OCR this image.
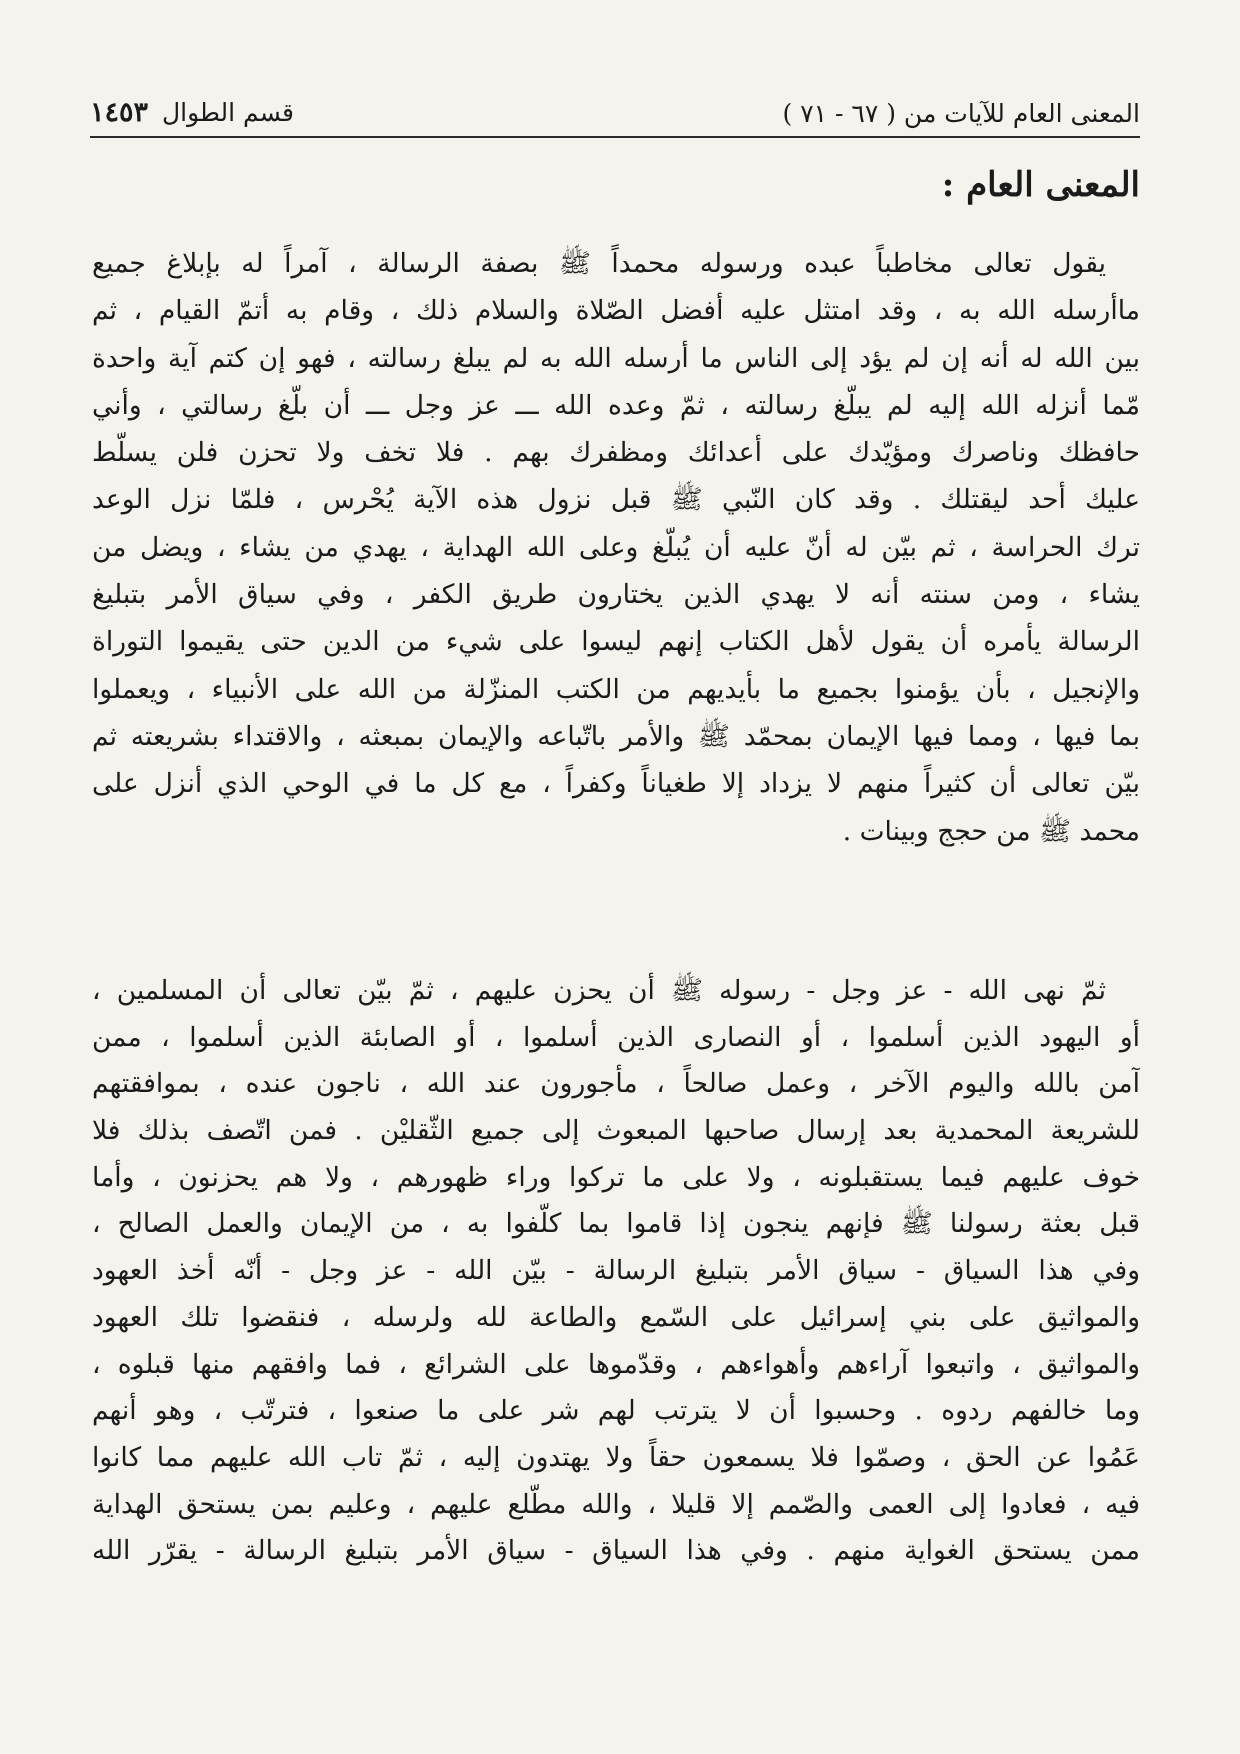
المعنى العام للآيات من ( ٦٧ - ٧١ )
قسم الطوال
١٤٥٣
المعنى العام :
يقول تعالى مخاطباً عبده ورسوله محمداً ﷺ بصفة الرسالة ، آمراً له بإبلاغ جميع
ماأرسله الله به ، وقد امتثل عليه أفضل الصّلاة والسلام ذلك ، وقام به أتمّ القيام ، ثم
بين الله له أنه إن لم يؤد إلى الناس ما أرسله الله به لم يبلغ رسالته ، فهو إن كتم آية واحدة
مّما أنزله الله إليه لم يبلّغ رسالته ، ثمّ وعده الله ـــ عز وجل ـــ أن بلّغ رسالتي ، وأني
حافظك وناصرك ومؤيّدك على أعدائك ومظفرك بهم . فلا تخف ولا تحزن فلن يسلّط
عليك أحد ليقتلك . وقد كان النّبي ﷺ قبل نزول هذه الآية يُحْرس ، فلمّا نزل الوعد
ترك الحراسة ، ثم بيّن له أنّ عليه أن يُبلّغ وعلى الله الهداية ، يهدي من يشاء ، ويضل من
يشاء ، ومن سنته أنه لا يهدي الذين يختارون طريق الكفر ، وفي سياق الأمر بتبليغ
الرسالة يأمره أن يقول لأهل الكتاب إنهم ليسوا على شيء من الدين حتى يقيموا التوراة
والإنجيل ، بأن يؤمنوا بجميع ما بأيديهم من الكتب المنزّلة من الله على الأنبياء ، ويعملوا
بما فيها ، ومما فيها الإيمان بمحمّد ﷺ والأمر باتّباعه والإيمان بمبعثه ، والاقتداء بشريعته ثم
بيّن تعالى أن كثيراً منهم لا يزداد إلا طغياناً وكفراً ، مع كل ما في الوحي الذي أنزل على
محمد ﷺ من حجج وبينات .
ثمّ نهى الله - عز وجل - رسوله ﷺ أن يحزن عليهم ، ثمّ بيّن تعالى أن المسلمين ،
أو اليهود الذين أسلموا ، أو النصارى الذين أسلموا ، أو الصابئة الذين أسلموا ، ممن
آمن بالله واليوم الآخر ، وعمل صالحاً ، مأجورون عند الله ، ناجون عنده ، بموافقتهم
للشريعة المحمدية بعد إرسال صاحبها المبعوث إلى جميع الثّقليْن . فمن اتّصف بذلك فلا
خوف عليهم فيما يستقبلونه ، ولا على ما تركوا وراء ظهورهم ، ولا هم يحزنون ، وأما
قبل بعثة رسولنا ﷺ فإنهم ينجون إذا قاموا بما كلّفوا به ، من الإيمان والعمل الصالح ،
وفي هذا السياق - سياق الأمر بتبليغ الرسالة - بيّن الله - عز وجل - أنّه أخذ العهود
والمواثيق على بني إسرائيل على السّمع والطاعة لله ولرسله ، فنقضوا تلك العهود
والمواثيق ، واتبعوا آراءهم وأهواءهم ، وقدّموها على الشرائع ، فما وافقهم منها قبلوه ،
وما خالفهم ردوه . وحسبوا أن لا يترتب لهم شر على ما صنعوا ، فترتّب ، وهو أنهم
عَمُوا عن الحق ، وصمّوا فلا يسمعون حقاً ولا يهتدون إليه ، ثمّ تاب الله عليهم مما كانوا
فيه ، فعادوا إلى العمى والصّمم إلا قليلا ، والله مطّلع عليهم ، وعليم بمن يستحق الهداية
ممن يستحق الغواية منهم . وفي هذا السياق - سياق الأمر بتبليغ الرسالة - يقرّر الله
